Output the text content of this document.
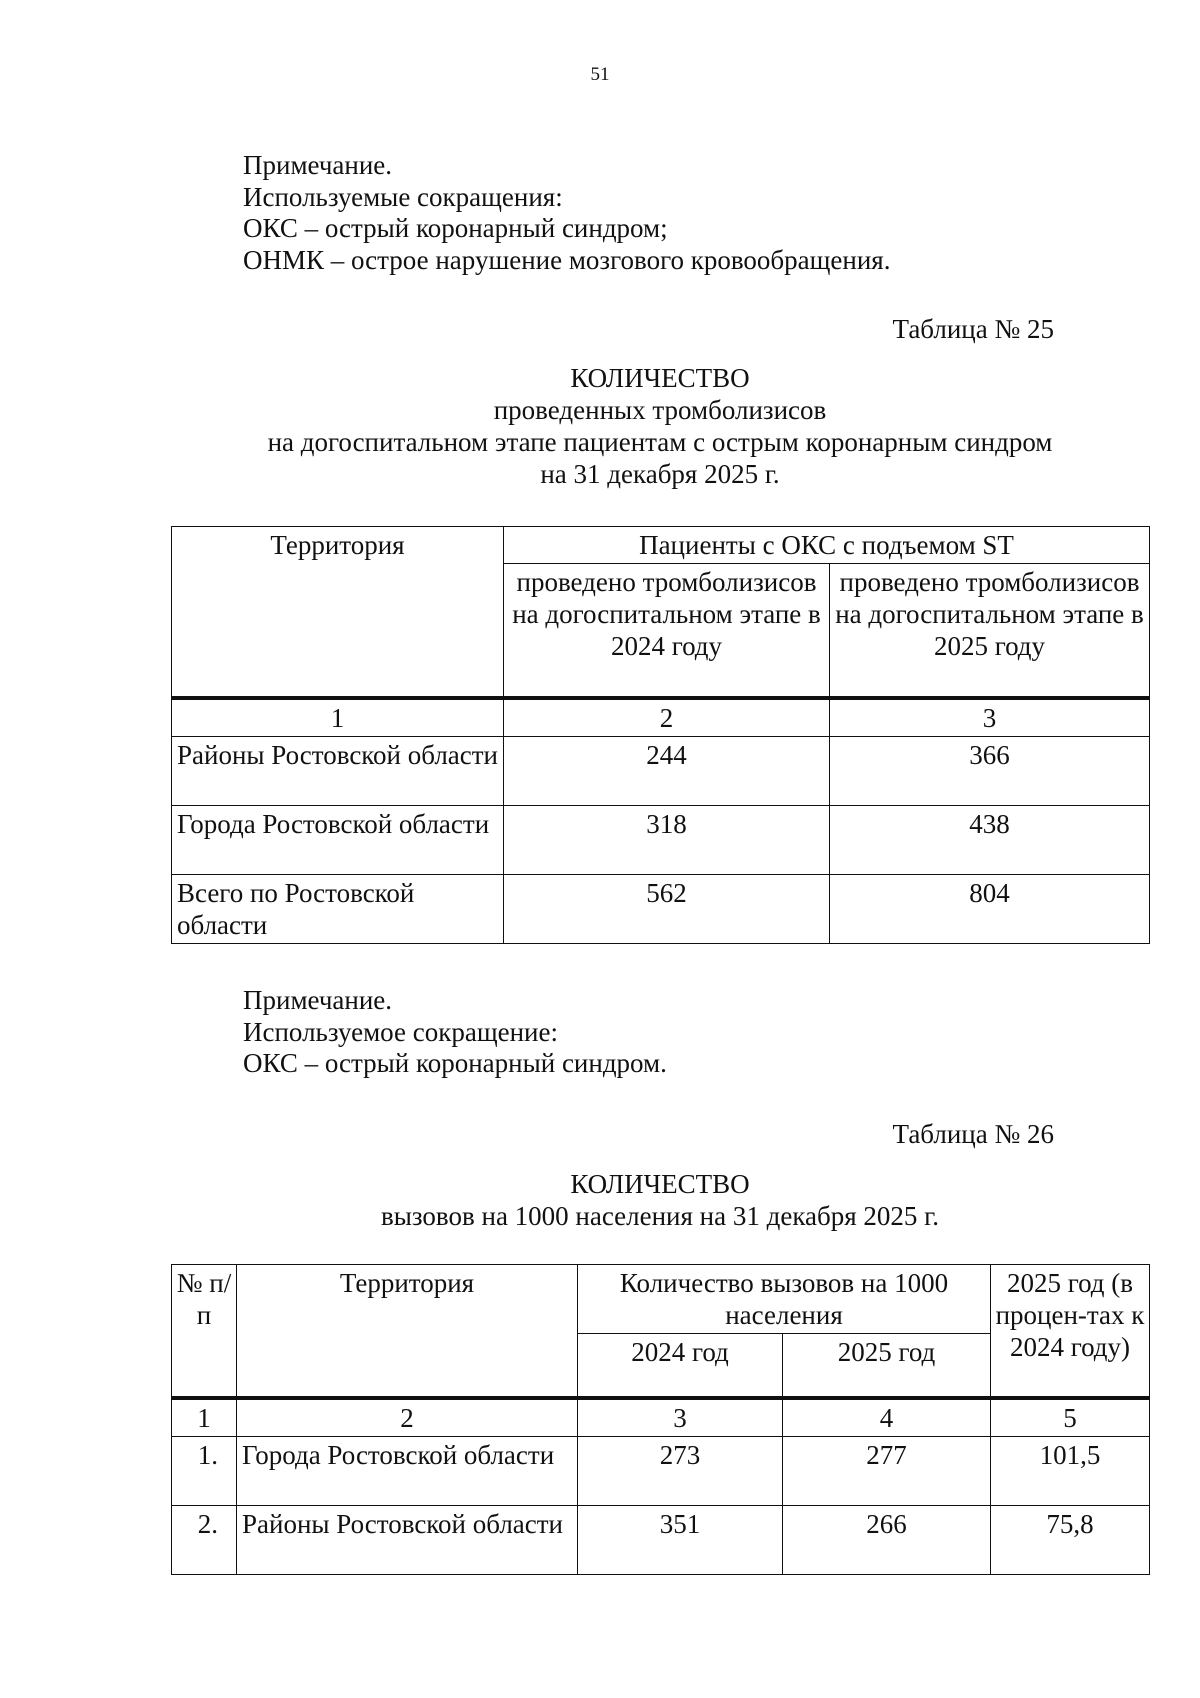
51
Примечание.
Используемые сокращения:
ОКС – острый коронарный синдром;
ОНМК – острое нарушение мозгового кровообращения.
Таблица № 25
КОЛИЧЕСТВО
проведенных тромболизисов
на догоспитальном этапе пациентам с острым коронарным синдром
на 31 декабря 2025 г.
Территория	Пациенты с ОКС с подъемом ST	
	проведено тромболизисов на догоспитальном этапе в 2024 году	проведено тромболизисов на догоспитальном этапе в 2025 году
1	2	3
Районы Ростовской области	244	366
Города Ростовской области	318	438
Всего по Ростовской области	562	804
Примечание.
Используемое сокращение:
ОКС – острый коронарный синдром.
Таблица № 26
КОЛИЧЕСТВО
вызовов на 1000 населения на 31 декабря 2025 г.
№ п/п	Территория	Количество вызовов на 1000 населения		2025 год (в процен-тах к 2024 году)
		2024 год	2025 год	
1	2	3	4	5
1.	Города Ростовской области	273	277	101,5
2.	Районы Ростовской области	351	266	75,8
